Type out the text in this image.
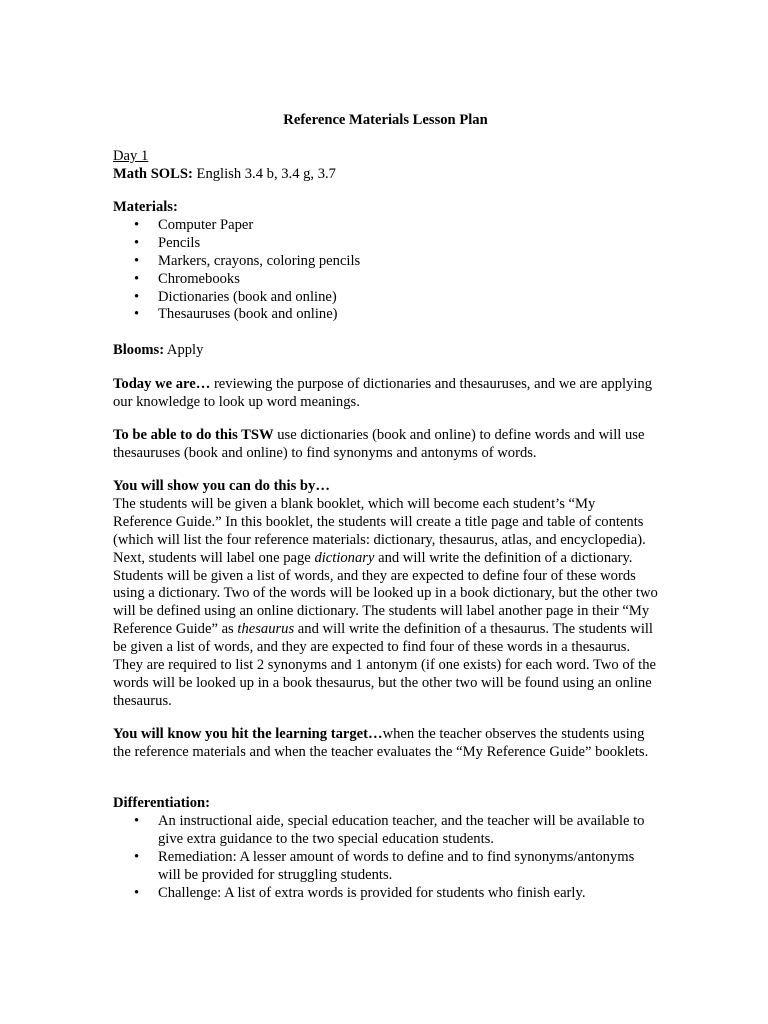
Reference Materials Lesson Plan
Day 1
Math SOLS: English 3.4 b, 3.4 g, 3.7
Materials:
• Computer Paper
• Pencils
• Markers, crayons, coloring pencils
• Chromebooks
• Dictionaries (book and online)
• Thesauruses (book and online)
Blooms: Apply

Today we are… reviewing the purpose of dictionaries and thesauruses, and we are applying our knowledge to look up word meanings.

To be able to do this TSW use dictionaries (book and online) to define words and will use thesauruses (book and online) to find synonyms and antonyms of words.

You will show you can do this by…

The students will be given a blank booklet, which will become each student’s “My Reference Guide.” In this booklet, the students will create a title page and table of contents (which will list the four reference materials: dictionary, thesaurus, atlas, and encyclopedia). Next, students will label one page dictionary and will write the definition of a dictionary. Students will be given a list of words, and they are expected to define four of these words using a dictionary. Two of the words will be looked up in a book dictionary, but the other two will be defined using an online dictionary. The students will label another page in their “My Reference Guide” as thesaurus and will write the definition of a thesaurus. The students will be given a list of words, and they are expected to find four of these words in a thesaurus. They are required to list 2 synonyms and 1 antonym (if one exists) for each word. Two of the words will be looked up in a book thesaurus, but the other two will be found using an online thesaurus.

You will know you hit the learning target…when the teacher observes the students using the reference materials and when the teacher evaluates the “My Reference Guide” booklets.

Differentiation:
• An instructional aide, special education teacher, and the teacher will be available to give extra guidance to the two special education students.
• Remediation: A lesser amount of words to define and to find synonyms/antonyms will be provided for struggling students.
• Challenge: A list of extra words is provided for students who finish early.
